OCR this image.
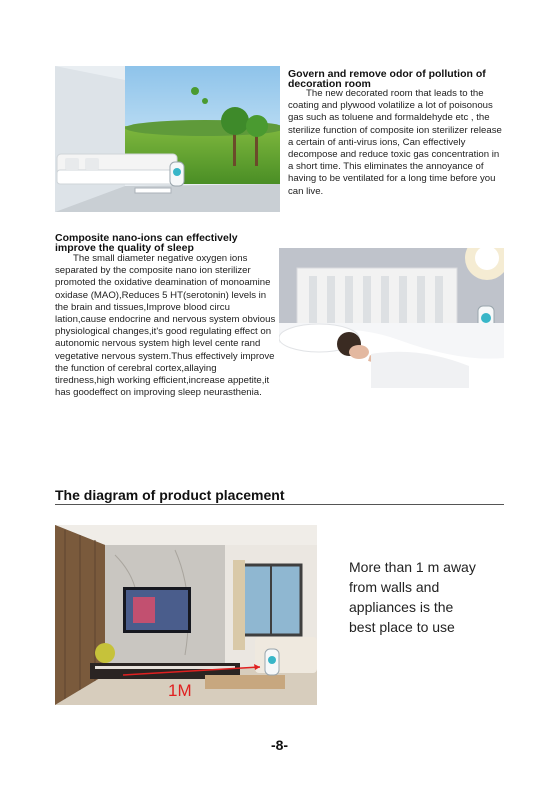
Govern and remove odor of pollution of decoration room
The new decorated room that leads to the coating and plywood volatilize a lot of poisonous gas such as toluene and formaldehyde etc , the sterilize function of composite ion sterilizer release a certain of anti-virus ions, Can effectively decompose and reduce toxic gas concentration in a short time. This eliminates the annoyance of having to be ventilated for a long time before you can live.
Composite nano-ions can effectively improve the quality of sleep
The small diameter negative oxygen ions separated by the composite nano ion sterilizer promoted the oxidative deamination of monoamine oxidase (MAO),Reduces 5 HT(serotonin) levels in the brain and tissues,Improve blood circu lation,cause endocrine and nervous system obvious physiological changes,it's good regulating effect on autonomic nervous system high level cente rand vegetative nervous system.Thus effectively improve the function of cerebral cortex,allaying tiredness,high working efficient,increase appetite,it has goodeffect on improving sleep neurasthenia.
The diagram of product placement
1M
More than 1 m away from walls and appliances is the best place to use
-8-
